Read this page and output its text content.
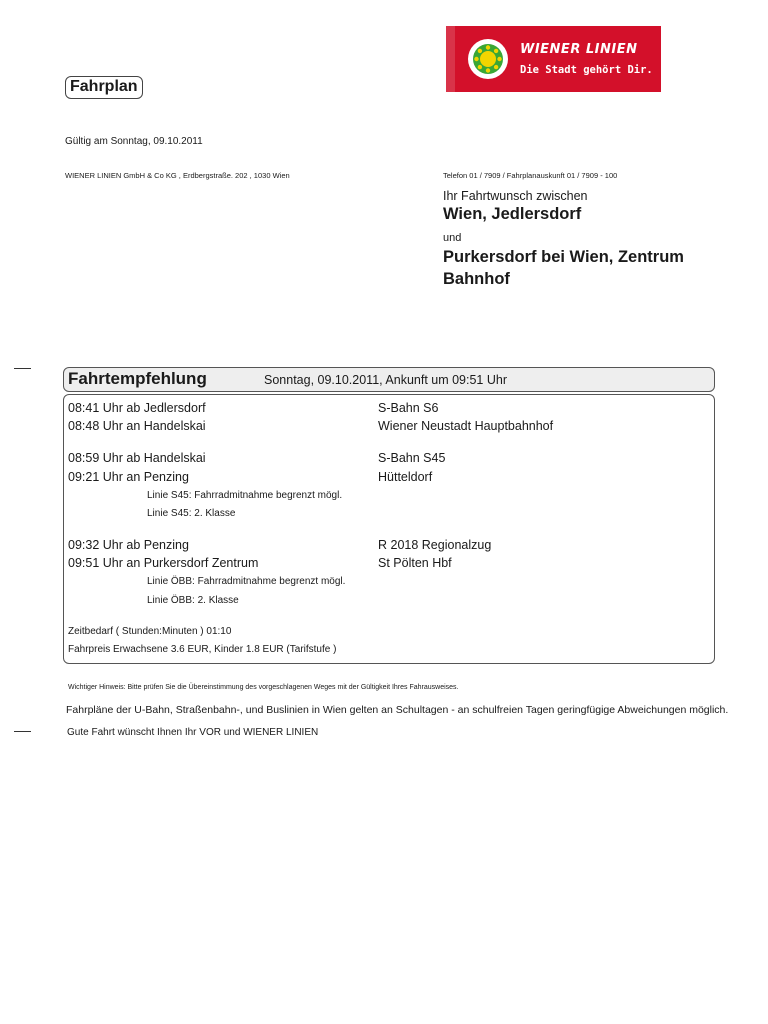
WIENER LINIEN
Die Stadt gehört Dir.
Fahrplan
Gültig am Sonntag, 09.10.2011
WIENER LINIEN GmbH & Co KG , Erdbergstraße. 202 , 1030 Wien	Telefon 01 / 7909 / Fahrplanauskunft 01 / 7909 - 100
Ihr Fahrtwunsch zwischen
Wien, Jedlersdorf
und
Purkersdorf bei Wien, Zentrum Bahnhof
Fahrtempfehlung	Sonntag, 09.10.2011, Ankunft um 09:51 Uhr
08:41 Uhr ab Jedlersdorf
08:48 Uhr an Handelskai
S-Bahn S6
Wiener Neustadt Hauptbahnhof
08:59 Uhr ab Handelskai
09:21 Uhr an Penzing
S-Bahn S45
Hütteldorf
Linie S45: Fahrradmitnahme begrenzt mögl.
Linie S45: 2. Klasse
09:32 Uhr ab Penzing
09:51 Uhr an Purkersdorf Zentrum
R 2018 Regionalzug
St Pölten Hbf
Linie ÖBB: Fahrradmitnahme begrenzt mögl.
Linie ÖBB: 2. Klasse
Zeitbedarf ( Stunden:Minuten ) 01:10
Fahrpreis Erwachsene 3.6 EUR, Kinder 1.8 EUR (Tarifstufe )
Wichtiger Hinweis: Bitte prüfen Sie die Übereinstimmung des vorgeschlagenen Weges mit der Gültigkeit Ihres Fahrausweises.
Fahrpläne der U-Bahn, Straßenbahn-, und Buslinien in Wien gelten an Schultagen - an schulfreien Tagen geringfügige Abweichungen möglich.
Gute Fahrt wünscht Ihnen Ihr VOR und WIENER LINIEN
